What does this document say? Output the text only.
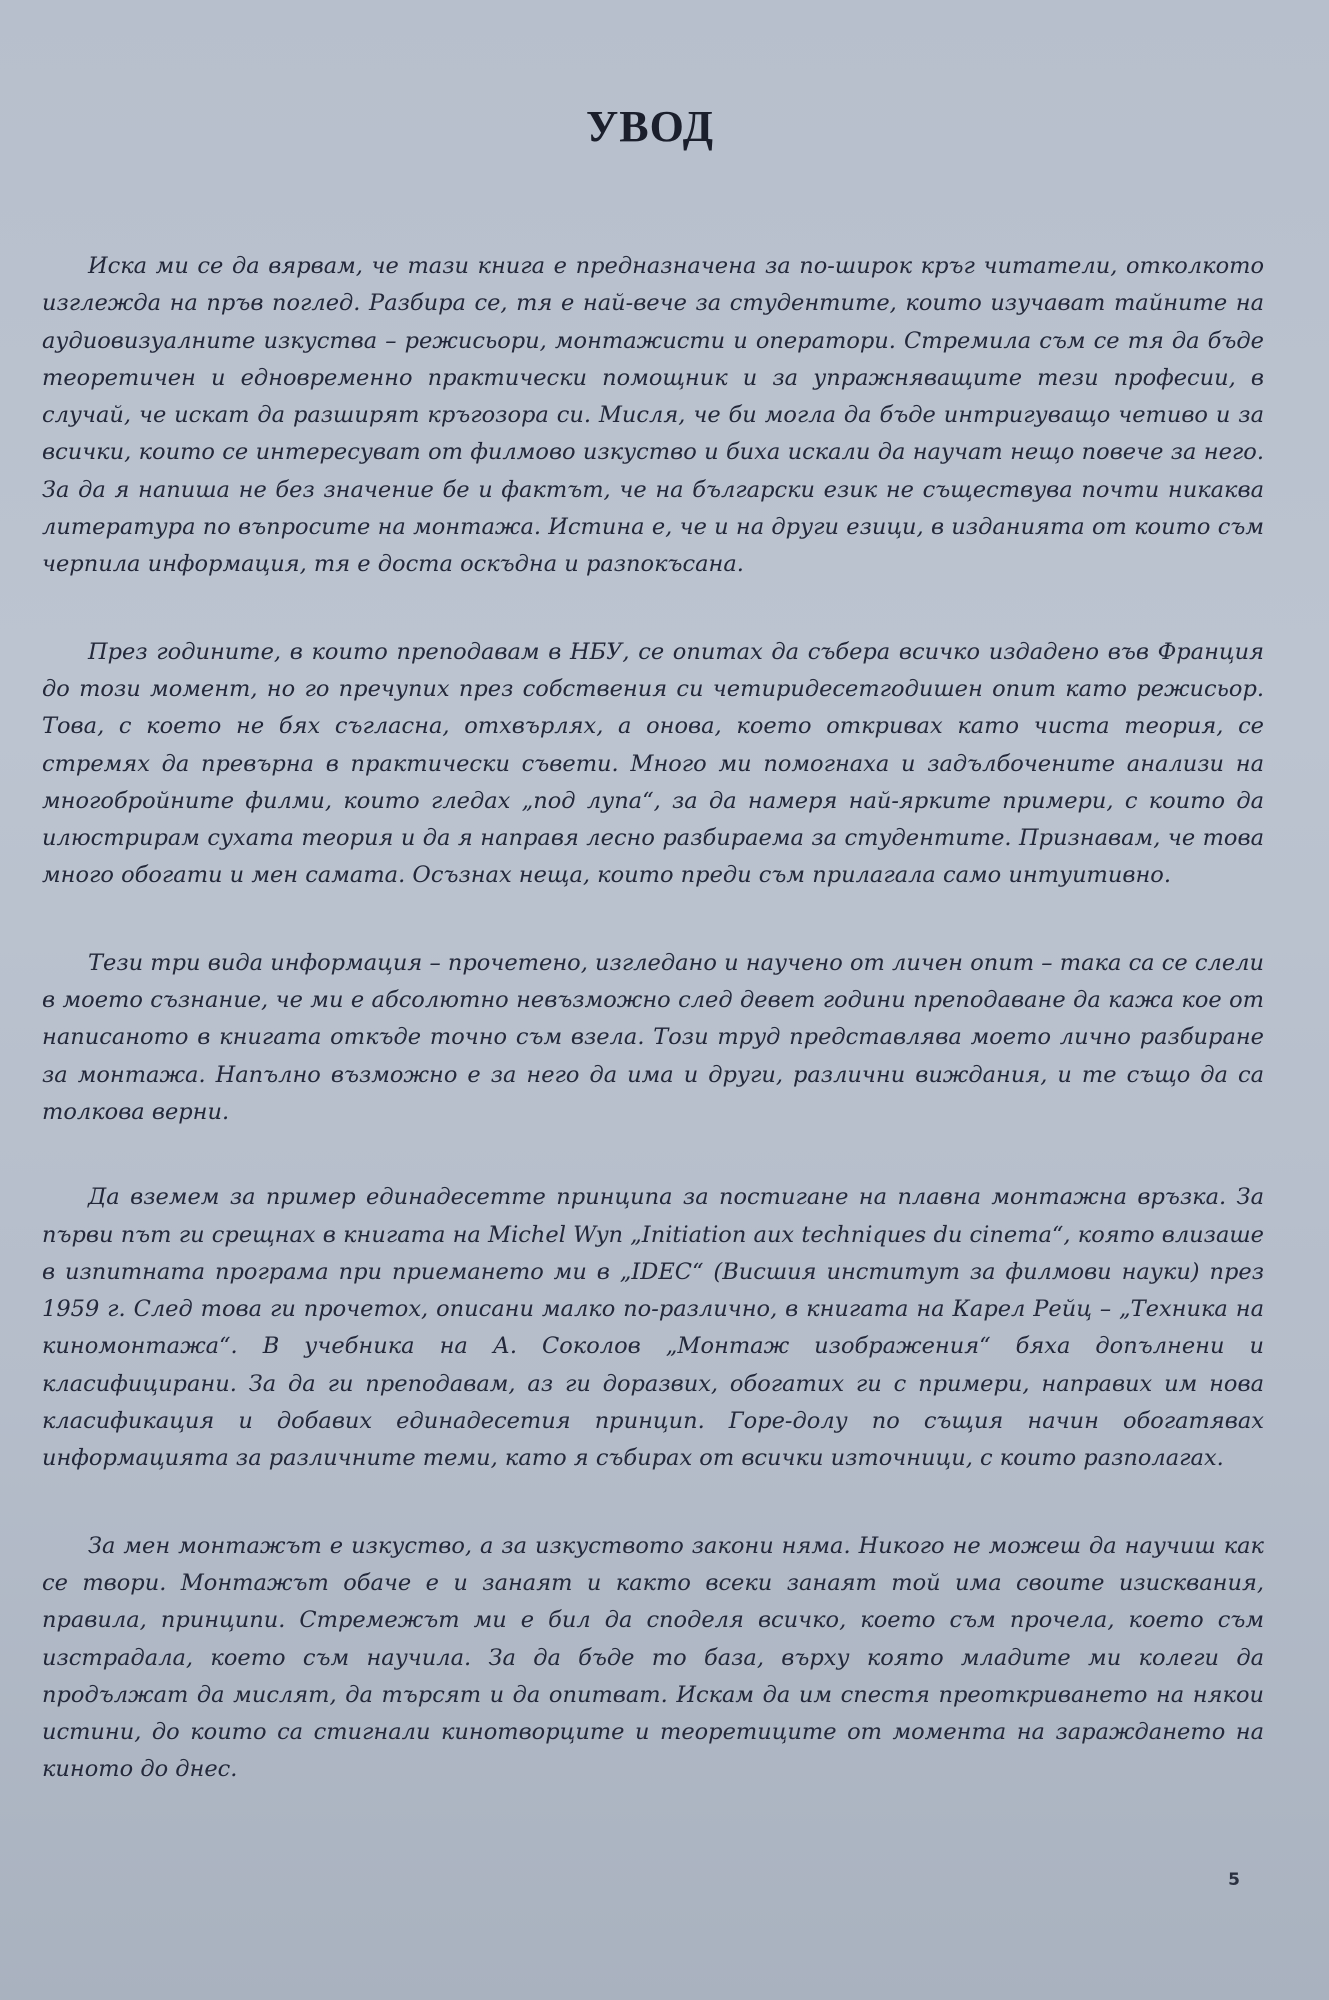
УВОД

Иска ми се да вярвам, че тази книга е предназначена за по-широк кръг читатели, отколкото изглежда на пръв поглед. Разбира се, тя е най-вече за студентите, които изучават тайните на аудиовизуалните изкуства – режисьори, монтажисти и оператори. Стремила съм се тя да бъде теоретичен и едновременно практически помощник и за упражняващите тези професии, в случай, че искат да разширят кръгозора си. Мисля, че би могла да бъде интригуващо четиво и за всички, които се интересуват от филмово изкуство и биха искали да научат нещо повече за него. За да я напиша не без значение бе и фактът, че на български език не съществува почти никаква литература по въпросите на монтажа. Истина е, че и на други езици, в изданията от които съм черпила информация, тя е доста оскъдна и разпокъсана.

През годините, в които преподавам в НБУ, се опитах да събера всичко издадено във Франция до този момент, но го пречупих през собствения си четиридесетгодишен опит като режисьор. Това, с което не бях съгласна, отхвърлях, а онова, което откривах като чиста теория, се стремях да превърна в практически съвети. Много ми помогнаха и задълбочените анализи на многобройните филми, които гледах „под лупа“, за да намеря най-ярките примери, с които да илюстрирам сухата теория и да я направя лесно разбираема за студентите. Признавам, че това много обогати и мен самата. Осъзнах неща, които преди съм прилагала само интуитивно.

Тези три вида информация – прочетено, изгледано и научено от личен опит – така са се слели в моето съзнание, че ми е абсолютно невъзможно след девет години преподаване да кажа кое от написаното в книгата откъде точно съм взела. Този труд представлява моето лично разбиране за монтажа. Напълно възможно е за него да има и други, различни виждания, и те също да са толкова верни.

Да вземем за пример единадесетте принципа за постигане на плавна монтажна връзка. За първи път ги срещнах в книгата на Michel Wyn „Initiation aux techniques du cinema“, която влизаше в изпитната програма при приемането ми в „IDEC“ (Висшия институт за филмови науки) през 1959 г. След това ги прочетох, описани малко по-различно, в книгата на Карел Рейц – „Техника на киномонтажа“. В учебника на А. Соколов „Монтаж изображения“ бяха допълнени и класифицирани. За да ги преподавам, аз ги доразвих, обогатих ги с примери, направих им нова класификация и добавих единадесетия принцип. Горе-долу по същия начин обогатявах информацията за различните теми, като я събирах от всички източници, с които разполагах.

За мен монтажът е изкуство, а за изкуството закони няма. Никого не можеш да научиш как се твори. Монтажът обаче е и занаят и както всеки занаят той има своите изисквания, правила, принципи. Стремежът ми е бил да споделя всичко, което съм прочела, което съм изстрадала, което съм научила. За да бъде то база, върху която младите ми колеги да продължат да мислят, да търсят и да опитват. Искам да им спестя преоткриването на някои истини, до които са стигнали кинотворците и теоретиците от момента на зараждането на киното до днес.

5
